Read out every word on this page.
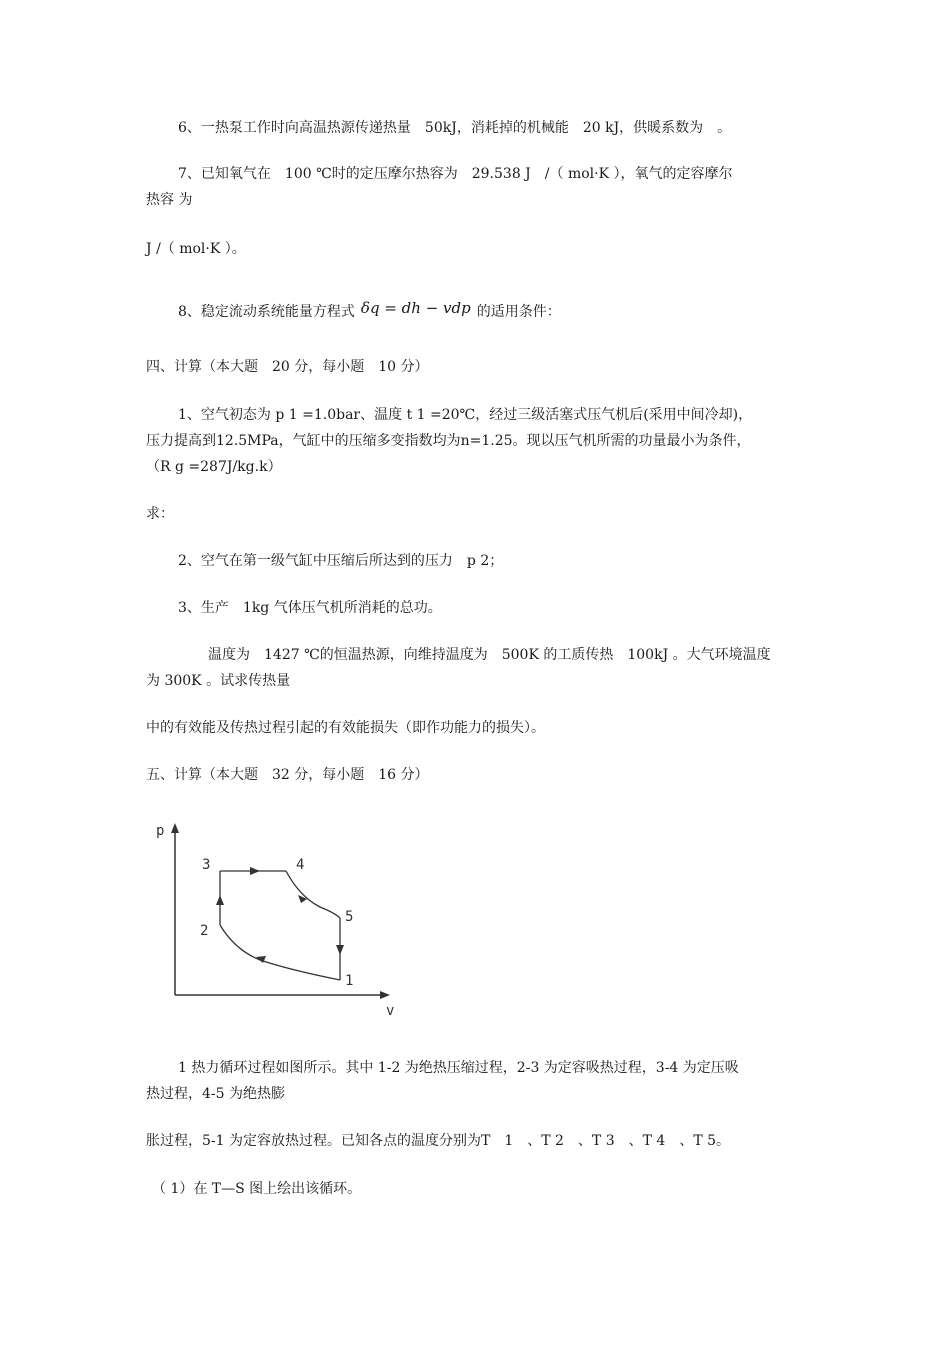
6、一热泵工作时向高温热源传递热量　50kJ，消耗掉的机械能　20 kJ，供暖系数为　。
7、已知氧气在　100 ℃时的定压摩尔热容为　29.538 J　/（ mol·K ），氧气的定容摩尔
热容 为
J /（ mol·K ）。
8、稳定流动系统能量方程式 δq = dh − vdp 的适用条件：
四、计算（本大题　20 分，每小题　10 分）
1、空气初态为 p 1 =1.0bar、温度 t 1 =20℃，经过三级活塞式压气机后(采用中间冷却)，
压力提高到12.5MPa，气缸中的压缩多变指数均为n=1.25。现以压气机所需的功量最小为条件，
（R g =287J/kg.k）
求：
2、空气在第一级气缸中压缩后所达到的压力　p 2；
3、生产　1kg 气体压气机所消耗的总功。
温度为　1427 ℃的恒温热源，向维持温度为　500K 的工质传热　100kJ 。大气环境温度
为 300K 。试求传热量
中的有效能及传热过程引起的有效能损失（即作功能力的损失）。
五、计算（本大题　32 分，每小题　16 分）
p
v
1
2
3	4
5
1 热力循环过程如图所示。其中 1-2 为绝热压缩过程，2-3 为定容吸热过程，3-4 为定压吸
热过程，4-5 为绝热膨
胀过程，5-1 为定容放热过程。已知各点的温度分别为T　1　、T 2　、T 3　、T 4　、T 5。
（ 1）在 T—S 图上绘出该循环。
